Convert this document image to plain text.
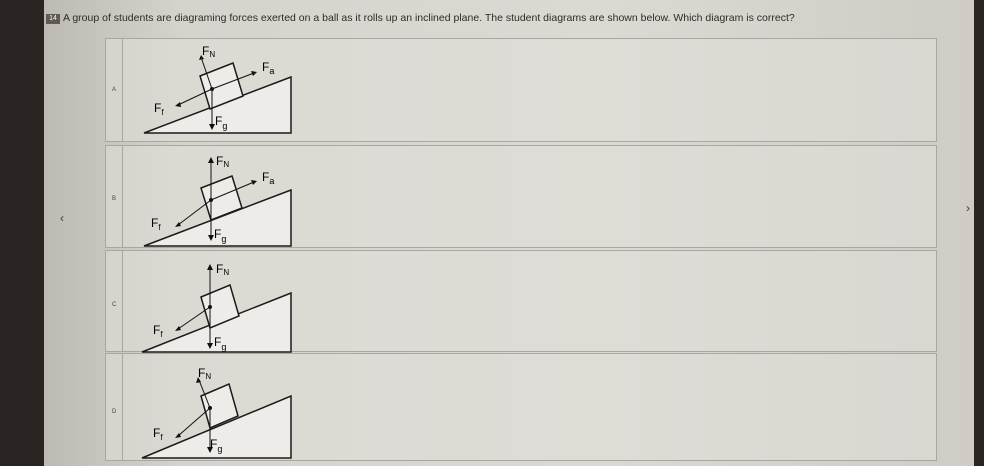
14 A group of students are diagraming forces exerted on a ball as it rolls up an inclined plane. The student diagrams are shown below. Which diagram is correct?
‹
›
A
FN
$F_a$
$F_f$
$F_g$
B
FN
$F_a$
$F_f$	$F_g$
C
FN
$F_f$
$F_g$
D
FN
$F_f$	$F_g$
